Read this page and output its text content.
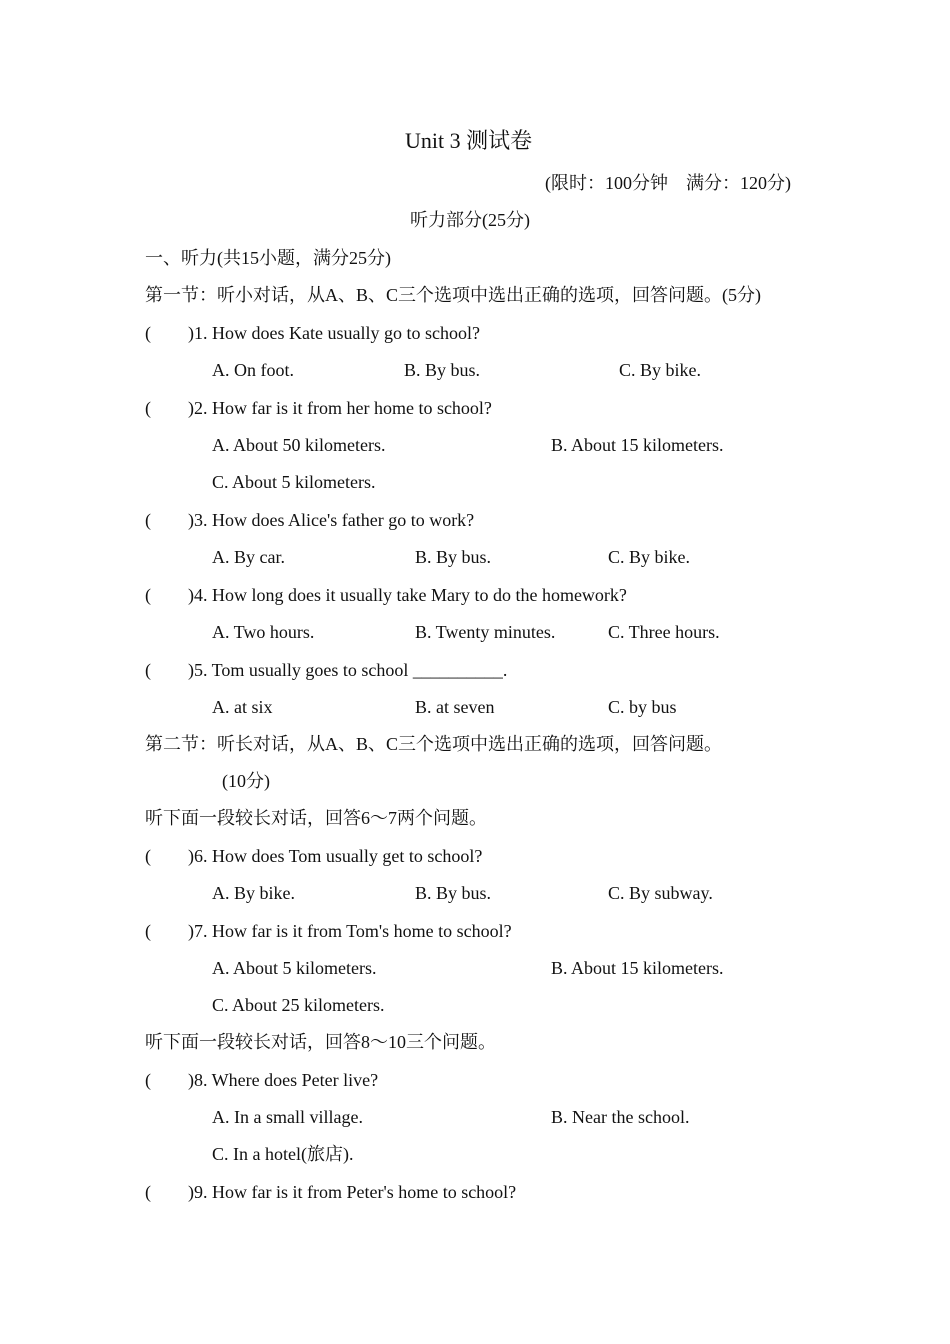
Unit 3 测试卷
(限时：100分钟    满分：120分)
听力部分(25分)
一、听力(共15小题，满分25分)
第一节：听小对话，从A、B、C三个选项中选出正确的选项，回答问题。(5分)
( )1. How does Kate usually go to school?
A. On foot.	B. By bus.	C. By bike.
( )2. How far is it from her home to school?
A. About 50 kilometers.	B. About 15 kilometers.
C. About 5 kilometers.
( )3. How does Alice's father go to work?
A. By car.	B. By bus.	C. By bike.
( )4. How long does it usually take Mary to do the homework?
A. Two hours.	B. Twenty minutes.	C. Three hours.
( )5. Tom usually goes to school __________.
A. at six	B. at seven	C. by bus
第二节：听长对话，从A、B、C三个选项中选出正确的选项，回答问题。
(10分)
听下面一段较长对话，回答6～7两个问题。
( )6. How does Tom usually get to school?
A. By bike.	B. By bus.	C. By subway.
( )7. How far is it from Tom's home to school?
A. About 5 kilometers.	B. About 15 kilometers.
C. About 25 kilometers.
听下面一段较长对话，回答8～10三个问题。
( )8. Where does Peter live?
A. In a small village.	B. Near the school.
C. In a hotel(旅店).
( )9. How far is it from Peter's home to school?
